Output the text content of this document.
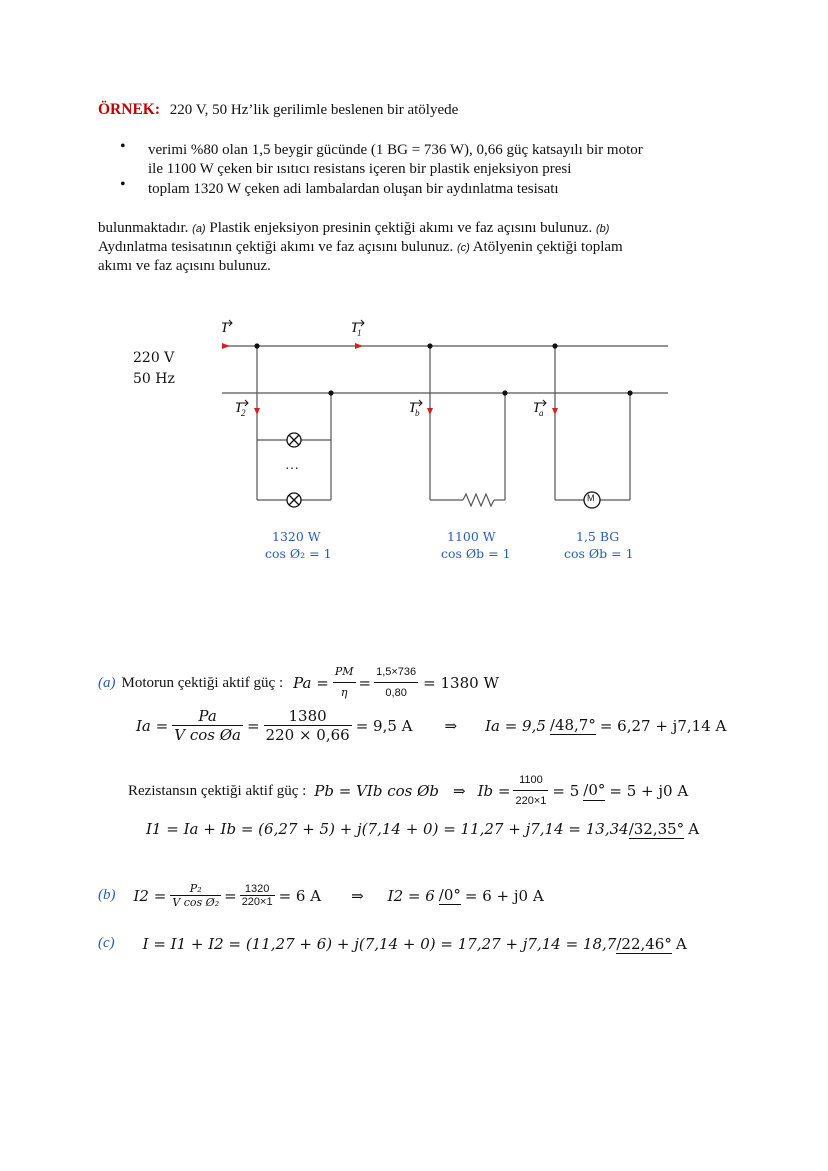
ÖRNEK: 220 V, 50 Hz’lik gerilimle beslenen bir atölyede
• verimi %80 olan 1,5 beygir gücünde (1 BG = 736 W), 0,66 güç katsayılı bir motor
ile 1100 W çeken bir ısıtıcı resistans içeren bir plastik enjeksiyon presi
• toplam 1320 W çeken adi lambalardan oluşan bir aydınlatma tesisatı
bulunmaktadır. (a) Plastik enjeksiyon presinin çektiği akımı ve faz açısını bulunuz. (b)
Aydınlatma tesisatının çektiği akımı ve faz açısını bulunuz. (c) Atölyenin çektiği toplam
akımı ve faz açısını bulunuz.
220 V
50 Hz
I	$I_1$
$I_2$	$I_b$	$I_a$
…
M
1320 W
cos Ø₂ = 1
1100 W
cos Øb = 1
1,5 BG
cos Øb = 1
(a) Motorun çektiği aktif güç : $Pa = \frac{PM}{\eta} = \frac{1,5\times 736}{0,80} = 1380$ W
$Ia = \frac{Pa}{\text{V cos Øa}} = \frac{1380}{220 \times 0,66} = 9,5$ A ⇒ Ia = 9,5 /48,7° = 6,27 + j7,14 A
Rezistansın çektiği aktif güç : Pb = VIb cos Øb ⇒ $Ib = \frac{1100}{220\times 1} = 5$ /0° = 5 + j0 A
I1 = Ia + Ib = (6,27 + 5) + j(7,14 + 0) = 11,27 + j7,14 = 13,34 /32,35° A
(b) $I2 = \frac{\text{P₂}}{\text{V cos Ø₂}} = \frac{1320}{220\times 1} = 6$ A ⇒ I2 = 6 /0° = 6 + j0 A
(c) I = I1 + I2 = (11,27 + 6) + j(7,14 + 0) = 17,27 + j7,14 = 18,7 /22,46° A
